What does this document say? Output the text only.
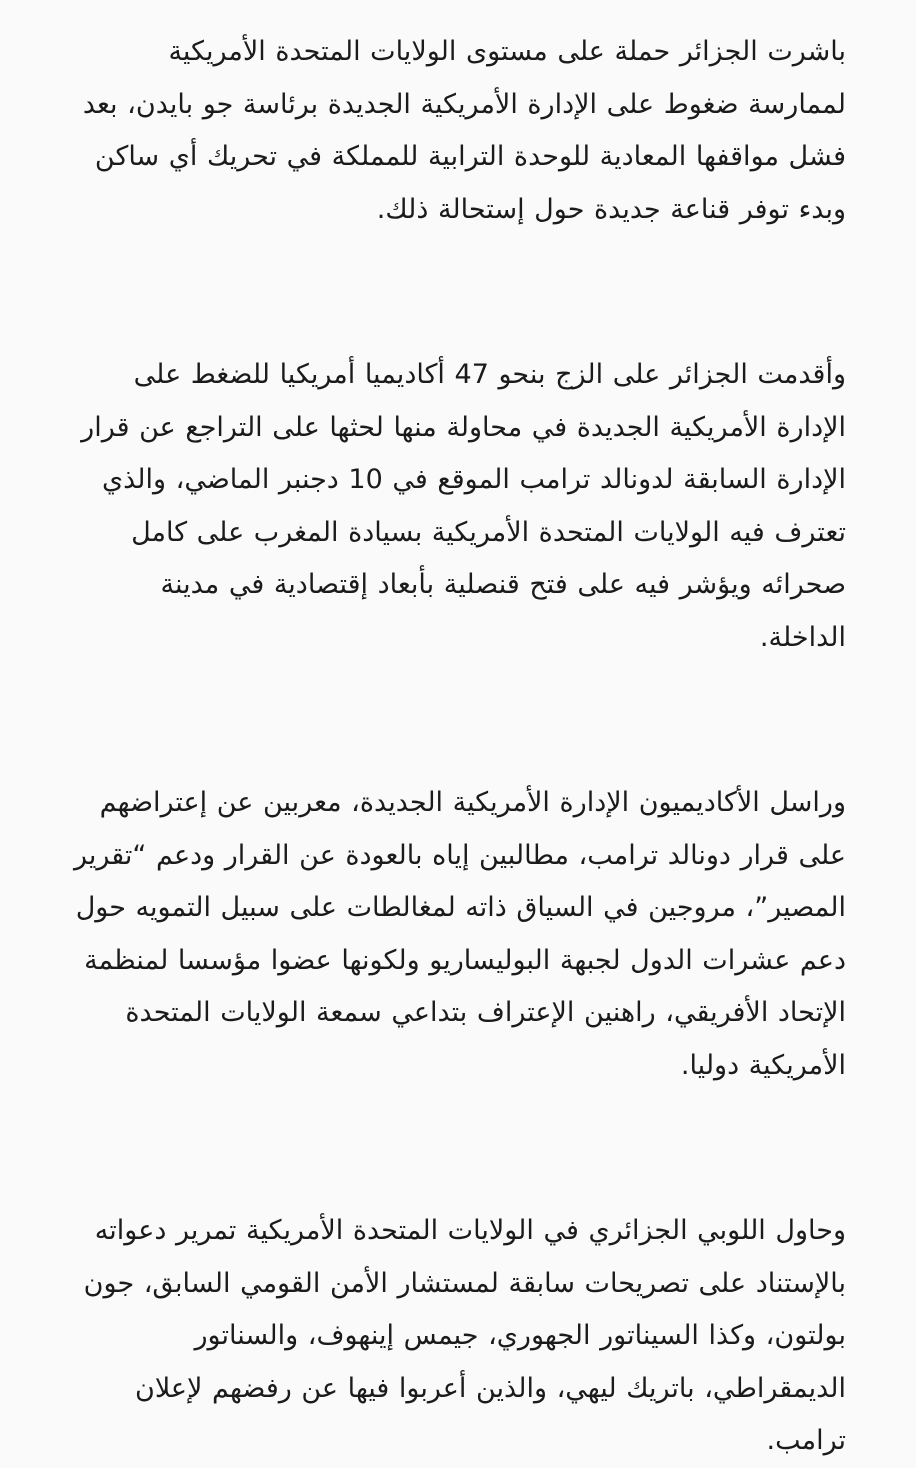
باشرت الجزائر حملة على مستوى الولايات المتحدة الأمريكية لممارسة ضغوط على الإدارة الأمريكية الجديدة برئاسة جو بايدن، بعد فشل مواقفها المعادية للوحدة الترابية للمملكة في تحريك أي ساكن وبدء توفر قناعة جديدة حول إستحالة ذلك.

وأقدمت الجزائر على الزج بنحو 47 أكاديميا أمريكيا للضغط على الإدارة الأمريكية الجديدة في محاولة منها لحثها على التراجع عن قرار الإدارة السابقة لدونالد ترامب الموقع في 10 دجنبر الماضي، والذي تعترف فيه الولايات المتحدة الأمريكية بسيادة المغرب على كامل صحرائه ويؤشر فيه على فتح قنصلية بأبعاد إقتصادية في مدينة الداخلة.

وراسل الأكاديميون الإدارة الأمريكية الجديدة، معربين عن إعتراضهم على قرار دونالد ترامب، مطالبين إياه بالعودة عن القرار ودعم “تقرير المصير”، مروجين في السياق ذاته لمغالطات على سبيل التمويه حول دعم عشرات الدول لجبهة البوليساريو ولكونها عضوا مؤسسا لمنظمة الإتحاد الأفريقي، راهنين الإعتراف بتداعي سمعة الولايات المتحدة الأمريكية دوليا.

وحاول اللوبي الجزائري في الولايات المتحدة الأمريكية تمرير دعواته بالإستناد على تصريحات سابقة لمستشار الأمن القومي السابق، جون بولتون، وكذا السيناتور الجهوري، جيمس إينهوف، والسناتور الديمقراطي، باتريك ليهي، والذين أعربوا فيها عن رفضهم لإعلان ترامب.
